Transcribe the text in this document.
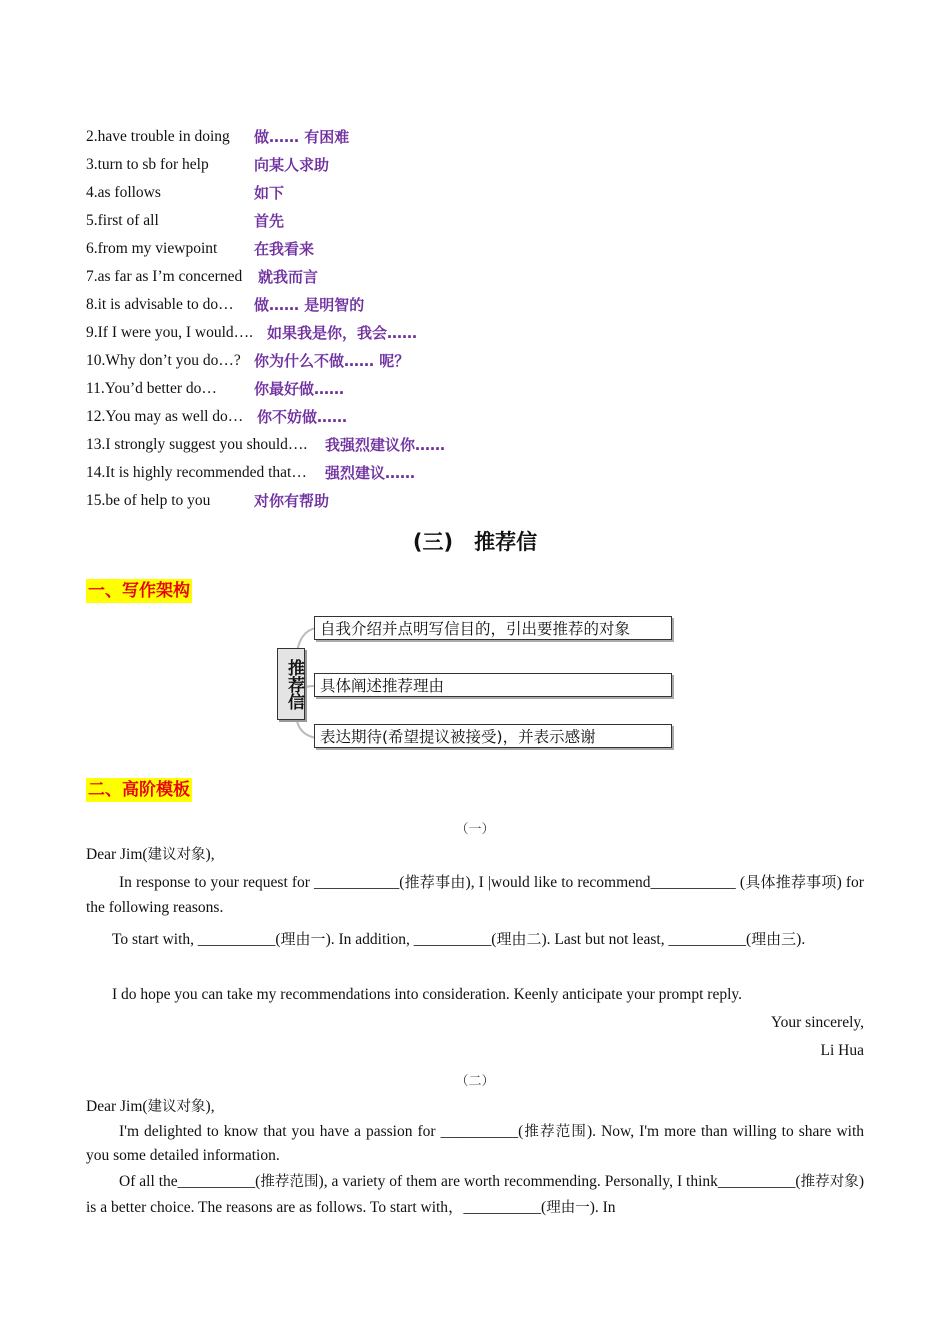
2.have trouble in doing 做…… 有困难
3.turn to sb for help	向某人求助
4.as follows	如下
5.first of all	首先
6.from my viewpoint 在我看来
7.as far as I’m concerned 就我而言
8.it is advisable to do… 做…… 是明智的
9.If I were you, I would…. 如果我是你，我会……
10.Why don’t you do…? 你为什么不做…… 呢？
11.You’d better do… 你最好做……
12.You may as well do… 你不妨做……
13.I strongly suggest you should…. 我强烈建议你……
14.It is highly recommended that… 强烈建议……
15.be of help to you	对你有帮助
(三)　推荐信
一、写作架构
推荐信
自我介绍并点明写信目的，引出要推荐的对象
具体阐述推荐理由
表达期待(希望提议被接受)，并表示感谢
二、高阶模板
（一）
Dear Jim(建议对象),
In response to your request for ___________(推荐事由), I |would like to recommend___________ (具体推荐事项) for the following reasons.
To start with, __________(理由一). In addition, __________(理由二). Last but not least, __________(理由三).
I do hope you can take my recommendations into consideration. Keenly anticipate your prompt reply.
Your sincerely,
Li Hua
（二）
Dear Jim(建议对象),
I'm delighted to know that you have a passion for __________(推荐范围). Now, I'm more than willing to share with you some detailed information.
Of all the__________(推荐范围), a variety of them are worth recommending. Personally, I think__________(推荐对象) is a better choice. The reasons are as follows. To start with，__________(理由一). In
